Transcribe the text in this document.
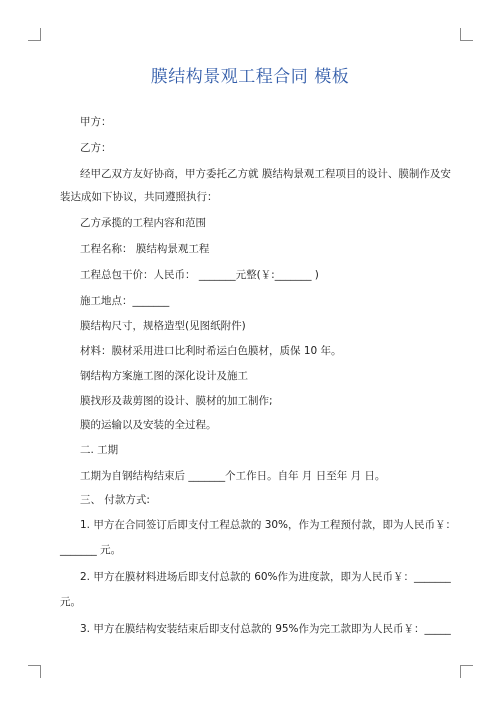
膜结构景观工程合同 模板
甲方：
乙方：
经甲乙双方友好协商，甲方委托乙方就 膜结构景观工程项目的设计、膜制作及安
装达成如下协议，共同遵照执行：
乙方承揽的工程内容和范围
工程名称： 膜结构景观工程
工程总包干价：人民币： _______元整(￥:_______ )
施工地点：_______
膜结构尺寸，规格造型(见图纸附件)
材料：膜材采用进口比利时希运白色膜材，质保 10 年。
钢结构方案施工图的深化设计及施工
膜找形及裁剪图的设计、膜材的加工制作;
膜的运输以及安装的全过程。
二. 工期
工期为自钢结构结束后 _______个工作日。自年 月 日至年 月 日。
三、 付款方式:
1. 甲方在合同签订后即支付工程总款的 30%，作为工程预付款，即为人民币￥：
_______ 元。
2. 甲方在膜材料进场后即支付总款的 60%作为进度款，即为人民币￥：_______
元。
3. 甲方在膜结构安装结束后即支付总款的 95%作为完工款即为人民币￥：_____
